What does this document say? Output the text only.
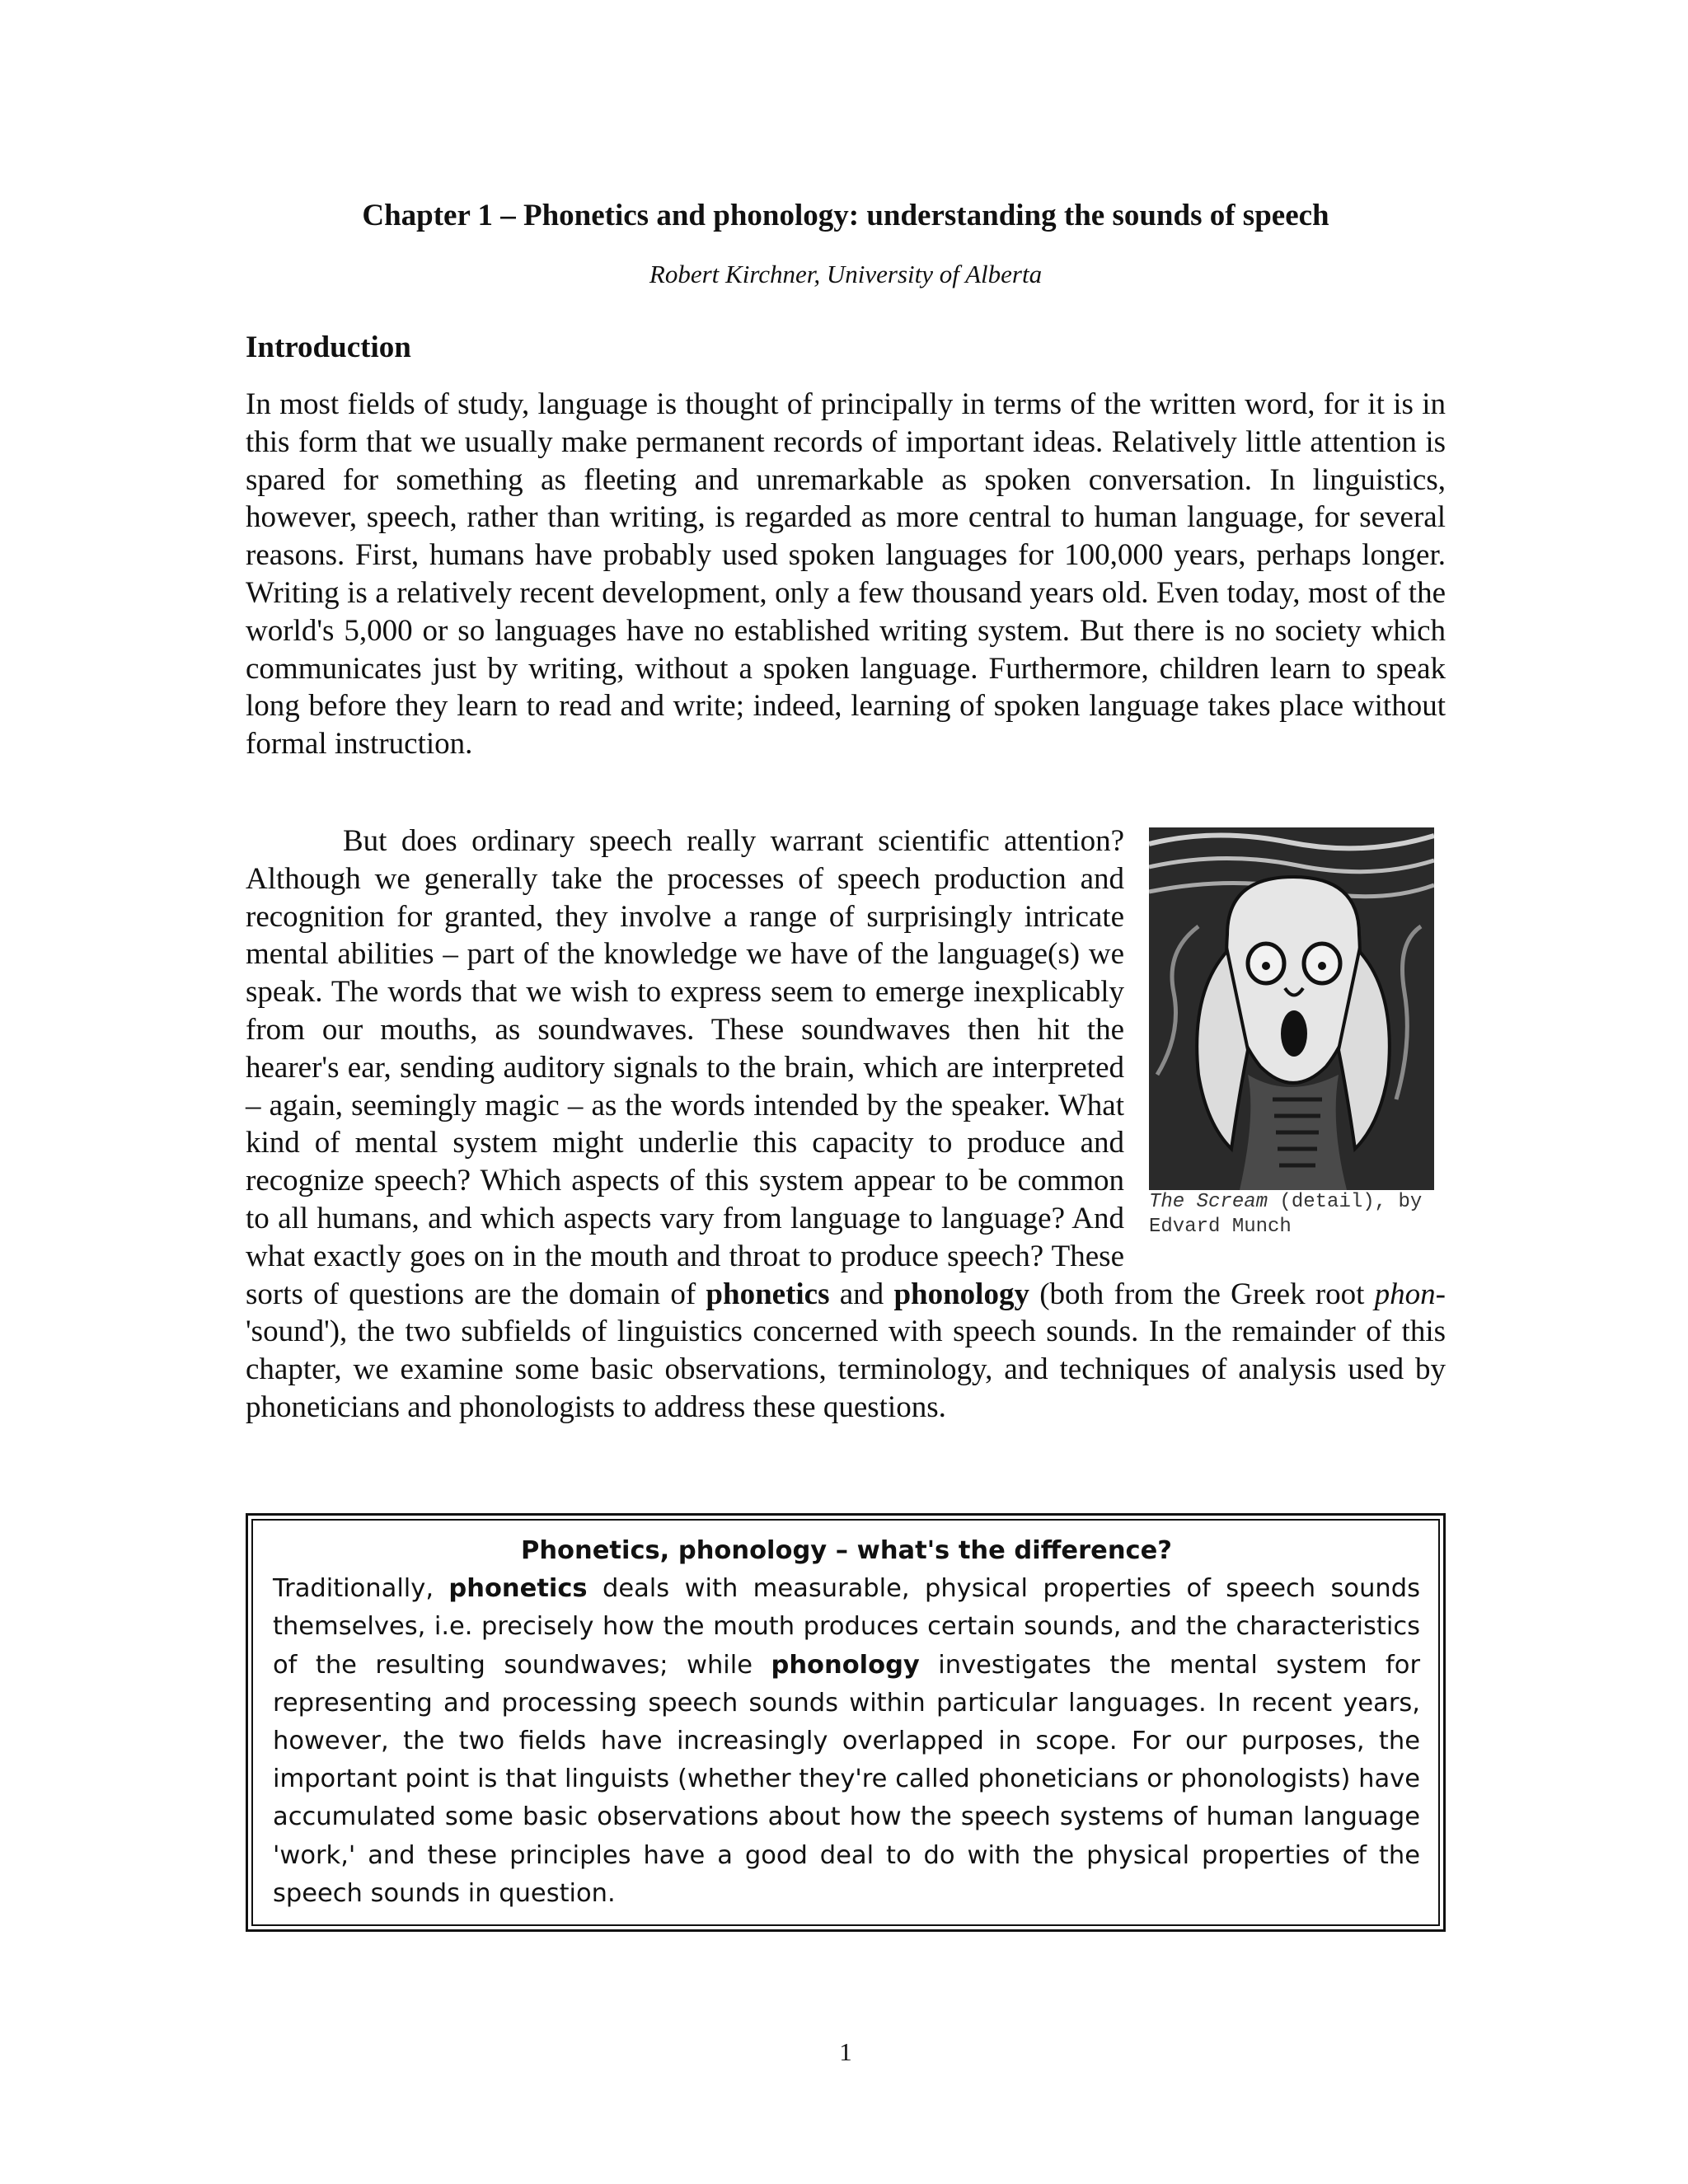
Chapter 1 – Phonetics and phonology: understanding the sounds of speech

Robert Kirchner, University of Alberta

Introduction

In most fields of study, language is thought of principally in terms of the written word, for it is in this form that we usually make permanent records of important ideas. Relatively little attention is spared for something as fleeting and unremarkable as spoken conversation. In linguistics, however, speech, rather than writing, is regarded as more central to human language, for several reasons. First, humans have probably used spoken languages for 100,000 years, perhaps longer. Writing is a relatively recent development, only a few thousand years old. Even today, most of the world's 5,000 or so languages have no established writing system. But there is no society which communicates just by writing, without a spoken language. Furthermore, children learn to speak long before they learn to read and write; indeed, learning of spoken language takes place without formal instruction.

The Scream (detail), by Edvard Munch
But does ordinary speech really warrant scientific attention? Although we generally take the processes of speech production and recognition for granted, they involve a range of surprisingly intricate mental abilities – part of the knowledge we have of the language(s) we speak. The words that we wish to express seem to emerge inexplicably from our mouths, as soundwaves. These soundwaves then hit the hearer's ear, sending auditory signals to the brain, which are interpreted – again, seemingly magic – as the words intended by the speaker. What kind of mental system might underlie this capacity to produce and recognize speech? Which aspects of this system appear to be common to all humans, and which aspects vary from language to language? And what exactly goes on in the mouth and throat to produce speech? These sorts of questions are the domain of phonetics and phonology (both from the Greek root phon- 'sound'), the two subfields of linguistics concerned with speech sounds. In the remainder of this chapter, we examine some basic observations, terminology, and techniques of analysis used by phoneticians and phonologists to address these questions.

Phonetics, phonology – what's the difference?

Traditionally, phonetics deals with measurable, physical properties of speech sounds themselves, i.e. precisely how the mouth produces certain sounds, and the characteristics of the resulting soundwaves; while phonology investigates the mental system for representing and processing speech sounds within particular languages. In recent years, however, the two fields have increasingly overlapped in scope. For our purposes, the important point is that linguists (whether they're called phoneticians or phonologists) have accumulated some basic observations about how the speech systems of human language 'work,' and these principles have a good deal to do with the physical properties of the speech sounds in question.

1
